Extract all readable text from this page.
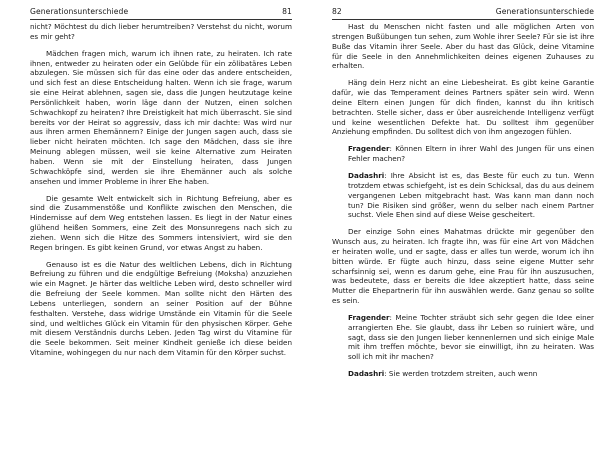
Generationsunterschiede	81

nicht? Möchtest du dich lieber herumtreiben? Verstehst du nicht, worum es mir geht?

Mädchen fragen mich, warum ich ihnen rate, zu heiraten. Ich rate ihnen, entweder zu heiraten oder ein Gelübde für ein zölibatäres Leben abzulegen. Sie müssen sich für das eine oder das andere entscheiden, und sich fest an diese Entscheidung halten. Wenn ich sie frage, warum sie eine Heirat ablehnen, sagen sie, dass die Jungen heutzutage keine Persönlichkeit haben, worin läge dann der Nutzen, einen solchen Schwachkopf zu heiraten? Ihre Dreistigkeit hat mich überrascht. Sie sind bereits vor der Heirat so aggressiv, dass ich mir dachte: Was wird nur aus ihren armen Ehemännern? Einige der Jungen sagen auch, dass sie lieber nicht heiraten möchten. Ich sage den Mädchen, dass sie ihre Meinung ablegen müssen, weil sie keine Alternative zum Heiraten haben. Wenn sie mit der Einstellung heiraten, dass Jungen Schwachköpfe sind, werden sie ihre Ehemänner auch als solche ansehen und immer Probleme in ihrer Ehe haben.

Die gesamte Welt entwickelt sich in Richtung Befreiung, aber es sind die Zusammenstöße und Konflikte zwischen den Menschen, die Hindernisse auf dem Weg entstehen lassen. Es liegt in der Natur eines glühend heißen Sommers, eine Zeit des Monsunregens nach sich zu ziehen. Wenn sich die Hitze des Sommers intensiviert, wird sie den Regen bringen. Es gibt keinen Grund, vor etwas Angst zu haben.

Genauso ist es die Natur des weltlichen Lebens, dich in Richtung Befreiung zu führen und die endgültige Befreiung (Moksha) anzuziehen wie ein Magnet. Je härter das weltliche Leben wird, desto schneller wird die Befreiung der Seele kommen. Man sollte nicht den Härten des Lebens unterliegen, sondern an seiner Position auf der Bühne festhalten. Verstehe, dass widrige Umstände ein Vitamin für die Seele sind, und weltliches Glück ein Vitamin für den physischen Körper. Gehe mit diesem Verständnis durchs Leben. Jeden Tag wirst du Vitamine für die Seele bekommen. Seit meiner Kindheit genieße ich diese beiden Vitamine, wohingegen du nur nach dem Vitamin für den Körper suchst.

82	Generationsunterschiede

Hast du Menschen nicht fasten und alle möglichen Arten von strengen Bußübungen tun sehen, zum Wohle ihrer Seele? Für sie ist ihre Buße das Vitamin ihrer Seele. Aber du hast das Glück, deine Vitamine für die Seele in den Annehmlichkeiten deines eigenen Zuhauses zu erhalten.

Häng dein Herz nicht an eine Liebesheirat. Es gibt keine Garantie dafür, wie das Temperament deines Partners später sein wird. Wenn deine Eltern einen Jungen für dich finden, kannst du ihn kritisch betrachten. Stelle sicher, dass er über ausreichende Intelligenz verfügt und keine wesentlichen Defekte hat. Du solltest ihm gegenüber Anziehung empfinden. Du solltest dich von ihm angezogen fühlen.

Fragender: Können Eltern in ihrer Wahl des Jungen für uns einen Fehler machen?

Dadashri: Ihre Absicht ist es, das Beste für euch zu tun. Wenn trotzdem etwas schiefgeht, ist es dein Schicksal, das du aus deinem vergangenen Leben mitgebracht hast. Was kann man dann noch tun? Die Risiken sind größer, wenn du selber nach einem Partner suchst. Viele Ehen sind auf diese Weise gescheitert.

Der einzige Sohn eines Mahatmas drückte mir gegenüber den Wunsch aus, zu heiraten. Ich fragte ihn, was für eine Art von Mädchen er heiraten wolle, und er sagte, dass er alles tun werde, worum ich ihn bitten würde. Er fügte auch hinzu, dass seine eigene Mutter sehr scharfsinnig sei, wenn es darum gehe, eine Frau für ihn auszusuchen, was bedeutete, dass er bereits die Idee akzeptiert hatte, dass seine Mutter die Ehepartnerin für ihn auswählen werde. Ganz genau so sollte es sein.

Fragender: Meine Tochter sträubt sich sehr gegen die Idee einer arrangierten Ehe. Sie glaubt, dass ihr Leben so ruiniert wäre, und sagt, dass sie den Jungen lieber kennenlernen und sich einige Male mit ihm treffen möchte, bevor sie einwilligt, ihn zu heiraten. Was soll ich mit ihr machen?

Dadashri: Sie werden trotzdem streiten, auch wenn
